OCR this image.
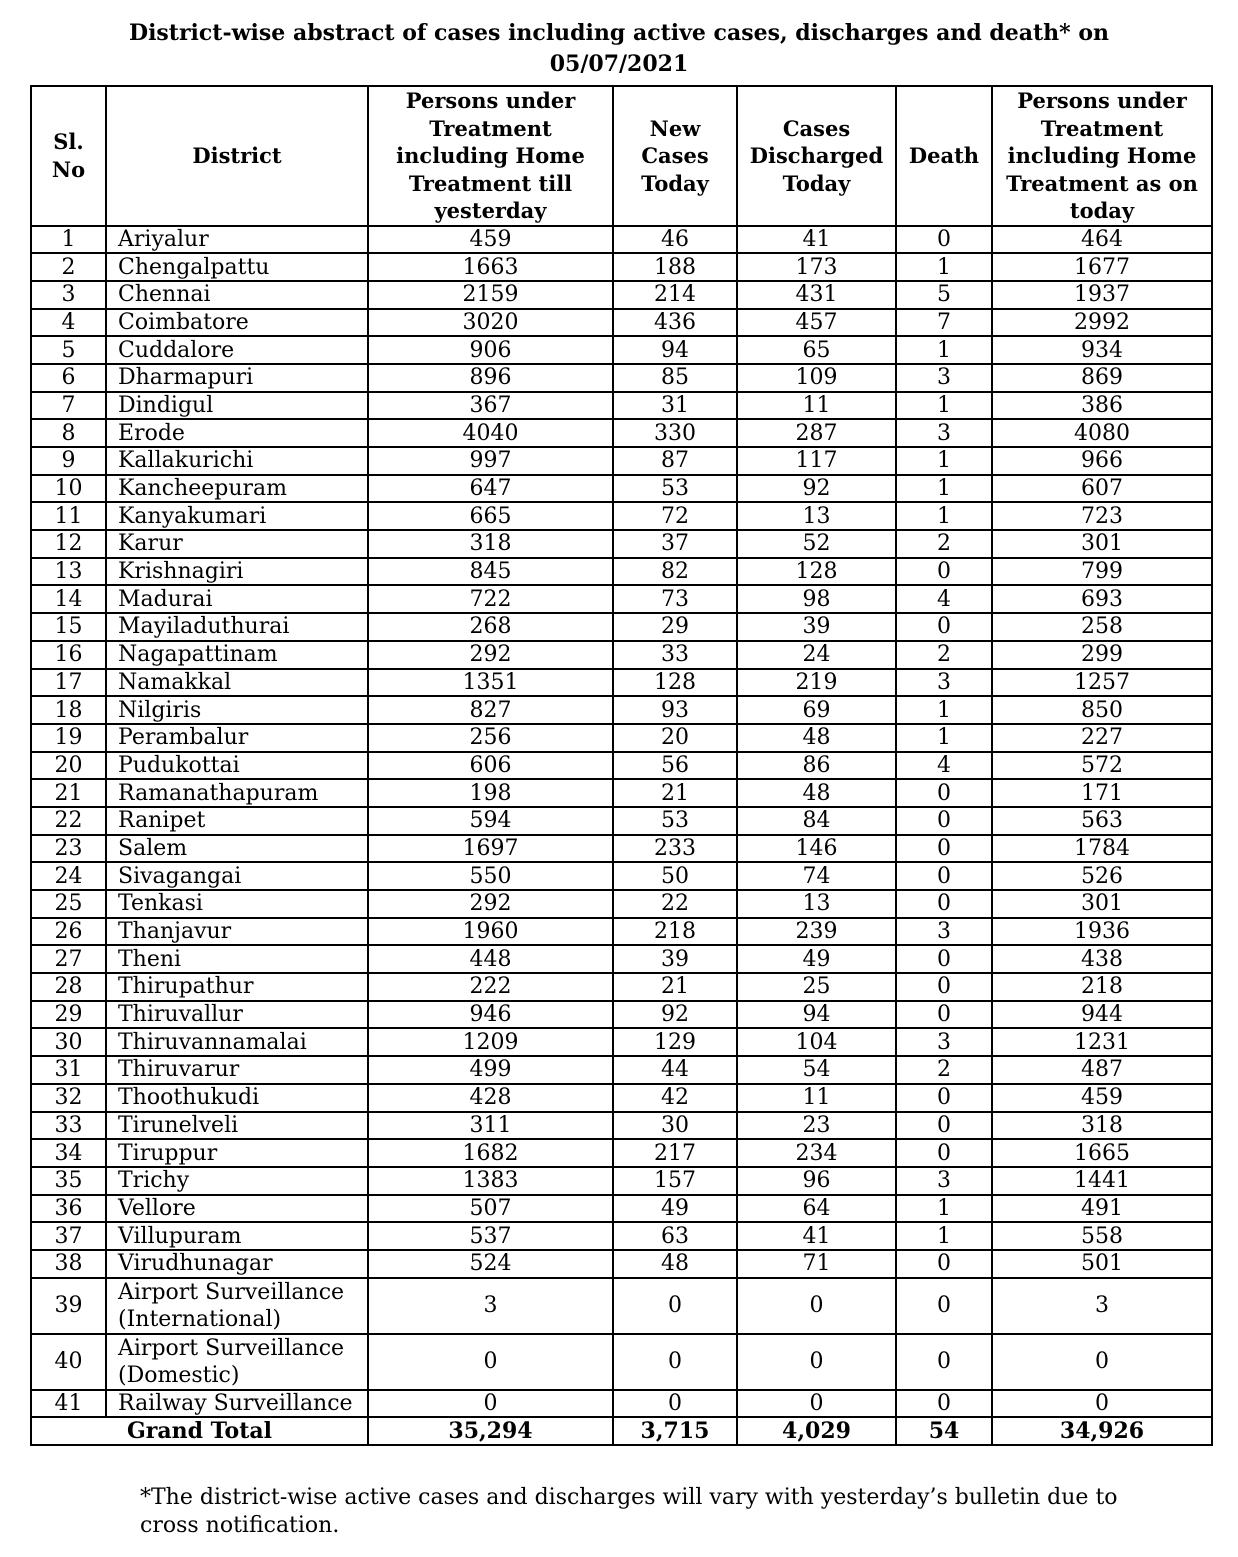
District-wise abstract of cases including active cases, discharges and death* on
05/07/2021
Sl. No	District	Persons under Treatment including Home Treatment till yesterday	New Cases Today	Cases Discharged Today	Death	Persons under Treatment including Home Treatment as on today
1	Ariyalur	459	46	41	0	464
2	Chengalpattu	1663	188	173	1	1677
3	Chennai	2159	214	431	5	1937
4	Coimbatore	3020	436	457	7	2992
5	Cuddalore	906	94	65	1	934
6	Dharmapuri	896	85	109	3	869
7	Dindigul	367	31	11	1	386
8	Erode	4040	330	287	3	4080
9	Kallakurichi	997	87	117	1	966
10	Kancheepuram	647	53	92	1	607
11	Kanyakumari	665	72	13	1	723
12	Karur	318	37	52	2	301
13	Krishnagiri	845	82	128	0	799
14	Madurai	722	73	98	4	693
15	Mayiladuthurai	268	29	39	0	258
16	Nagapattinam	292	33	24	2	299
17	Namakkal	1351	128	219	3	1257
18	Nilgiris	827	93	69	1	850
19	Perambalur	256	20	48	1	227
20	Pudukottai	606	56	86	4	572
21	Ramanathapuram	198	21	48	0	171
22	Ranipet	594	53	84	0	563
23	Salem	1697	233	146	0	1784
24	Sivagangai	550	50	74	0	526
25	Tenkasi	292	22	13	0	301
26	Thanjavur	1960	218	239	3	1936
27	Theni	448	39	49	0	438
28	Thirupathur	222	21	25	0	218
29	Thiruvallur	946	92	94	0	944
30	Thiruvannamalai	1209	129	104	3	1231
31	Thiruvarur	499	44	54	2	487
32	Thoothukudi	428	42	11	0	459
33	Tirunelveli	311	30	23	0	318
34	Tiruppur	1682	217	234	0	1665
35	Trichy	1383	157	96	3	1441
36	Vellore	507	49	64	1	491
37	Villupuram	537	63	41	1	558
38	Virudhunagar	524	48	71	0	501
39	Airport Surveillance (International)	3	0	0	0	3
40	Airport Surveillance (Domestic)	0	0	0	0	0
41	Railway Surveillance	0	0	0	0	0
Grand Total		35,294	3,715	4,029	54	34,926
*The district-wise active cases and discharges will vary with yesterday’s bulletin due to cross notification.
